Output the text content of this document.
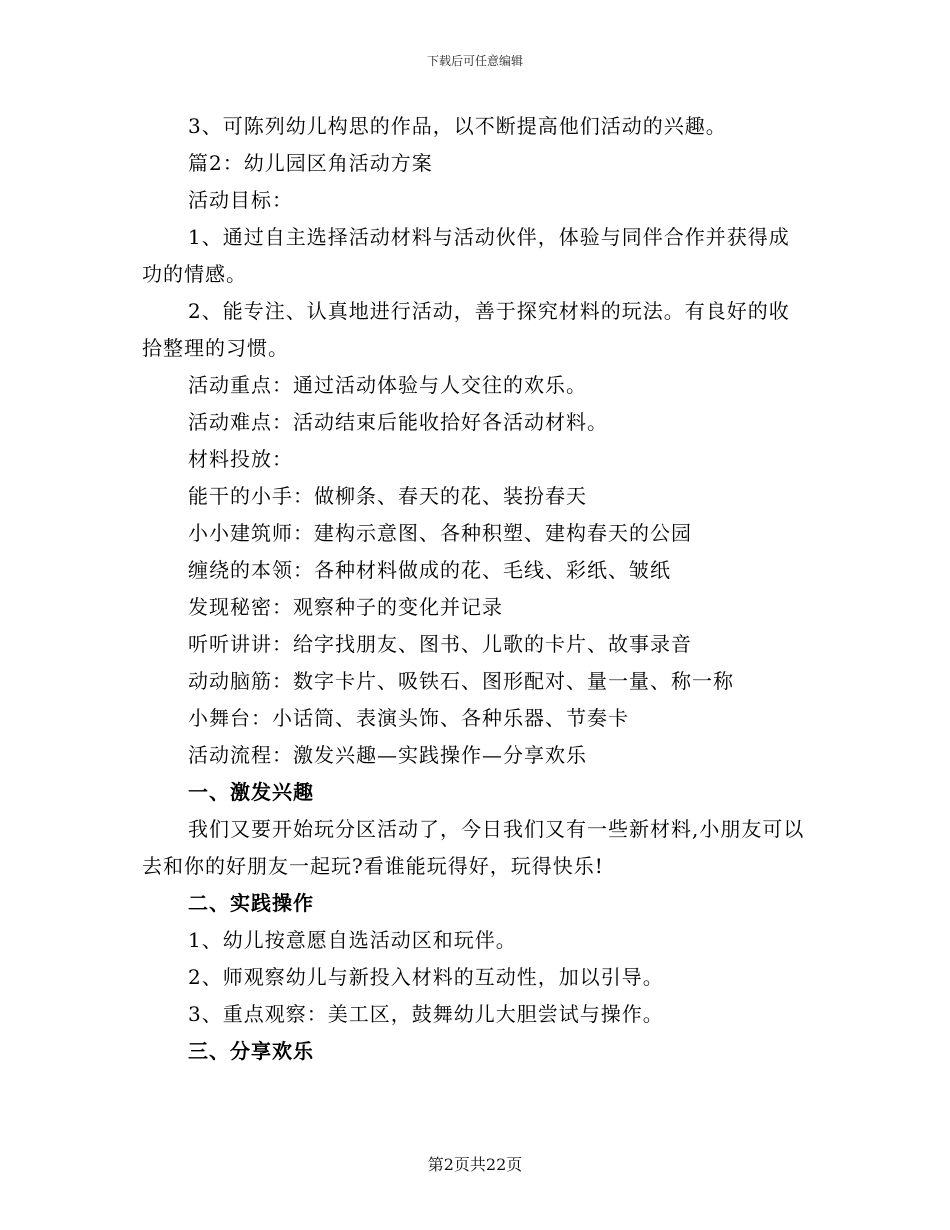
下载后可任意编辑

3、可陈列幼儿构思的作品，以不断提高他们活动的兴趣。

篇2：幼儿园区角活动方案

活动目标：

1、通过自主选择活动材料与活动伙伴，体验与同伴合作并获得成功的情感。

2、能专注、认真地进行活动，善于探究材料的玩法。有良好的收拾整理的习惯。

活动重点：通过活动体验与人交往的欢乐。

活动难点：活动结束后能收拾好各活动材料。

材料投放：

能干的小手：做柳条、春天的花、装扮春天

小小建筑师：建构示意图、各种积塑、建构春天的公园

缠绕的本领：各种材料做成的花、毛线、彩纸、皱纸

发现秘密：观察种子的变化并记录

听听讲讲：给字找朋友、图书、儿歌的卡片、故事录音

动动脑筋：数字卡片、吸铁石、图形配对、量一量、称一称

小舞台：小话筒、表演头饰、各种乐器、节奏卡

活动流程：激发兴趣—实践操作—分享欢乐

一、激发兴趣

我们又要开始玩分区活动了，今日我们又有一些新材料,小朋友可以去和你的好朋友一起玩?看谁能玩得好，玩得快乐!

二、实践操作

1、幼儿按意愿自选活动区和玩伴。

2、师观察幼儿与新投入材料的互动性，加以引导。

3、重点观察：美工区，鼓舞幼儿大胆尝试与操作。

三、分享欢乐

第2页共22页
